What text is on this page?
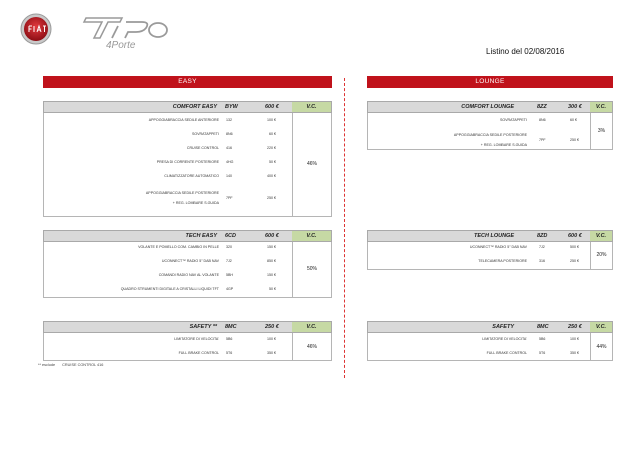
4Porte
Listino del 02/08/2016
EASY	LOUNGE
COMFORT EASY BYW	600 €	V.C.
APPOGGIABRACCIA SEDILE ANTERIORE 132	100 €
SOVRATAPPETI 8N6	60 €
CRUISE CONTROL 416	220 €
PRESA DI CORRENTE POSTERIORE 4HG	50 €
CLIMATIZZATORE AUTOMATICO 140	400 €
APPOGGIABRACCIA SEDILE POSTERIORE
+ REG. LOMBARE S.GUIDA
7PF	250 €
46%
COMFORT LOUNGE	8ZZ	300 €	V.C.
SOVRATAPPETI	8N6	60 €
APPOGGIABRACCIA SEDILE POSTERIORE
+ REG. LOMBARE S.GUIDA
7PF	250 €
3%
TECH EASY 6CD	600 €	V.C.
VOLANTE E POMELLO COM. CAMBIO IN PELLE 320	150 €
UCONNECT™ RADIO 5" DAB NAV 7J2	850 €
COMANDI RADIO NAV AL VOLANTE 5BH	150 €
QUADRO STRUMENTI DIGITALE A CRISTALLI LIQUIDI TFT 4GP	50 €
50%
TECH LOUNGE	8ZD	600 €	V.C.
UCONNECT™ RADIO 5" DAB NAV	7J2	500 €
TELECAMERA POSTERIORE	316	250 €
20%
SAFETY ** 8MC	250 €	V.C.
LIMITATORE DI VELOCITA' 5B6	100 €
FULL BRAKE CONTROL 5T6	350 €
46%
SAFETY	8MC	250 €	V.C.
LIMITATORE DI VELOCITA'	5B6	100 €
FULL BRAKE CONTROL	5T6	350 €
44%
** esclude CRUISE CONTROL 416
